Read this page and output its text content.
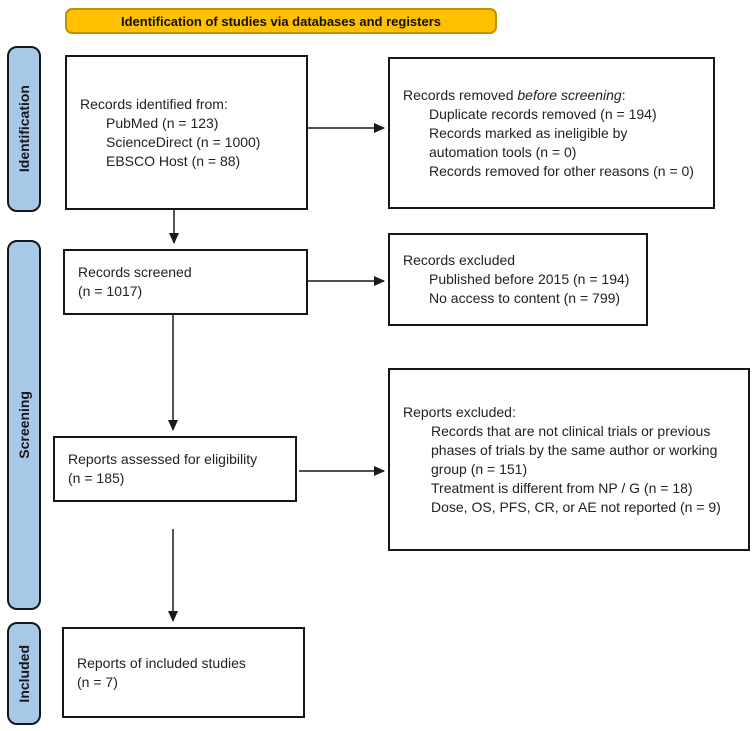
Identification of studies via databases and registers
Identification
Screening
Included
Records identified from:
PubMed (n = 123)
ScienceDirect (n = 1000)
EBSCO Host (n = 88)
Records removed before screening:
Duplicate records removed (n = 194)
Records marked as ineligible by automation tools (n = 0)
Records removed for other reasons (n = 0)
Records screened
(n = 1017)
Records excluded
Published before 2015 (n = 194)
No access to content (n = 799)
Reports assessed for eligibility
(n = 185)
Reports excluded:
Records that are not clinical trials or previous phases of trials by the same author or working group (n = 151)
Treatment is different from NP / G (n = 18)
Dose, OS, PFS, CR, or AE not reported (n = 9)
Reports of included studies
(n = 7)
